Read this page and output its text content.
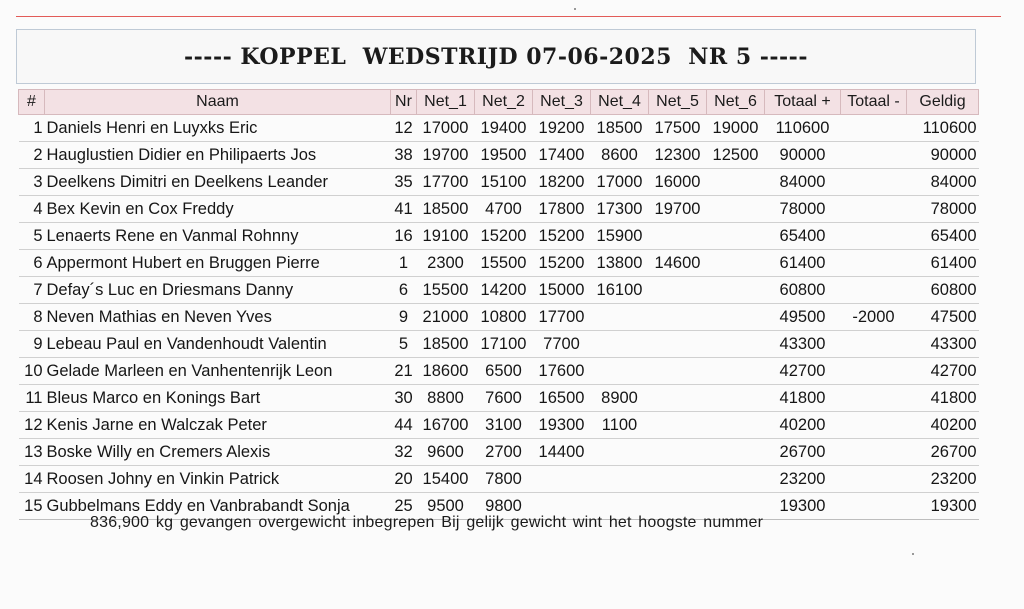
----- KOPPEL  WEDSTRIJD 07-06-2025  NR 5 -----
#	Naam	Nr	Net_1	Net_2	Net_3	Net_4	Net_5	Net_6	Totaal +	Totaal -	Geldig
1	Daniels Henri en Luyxks Eric	12	17000	19400	19200	18500	17500	19000	110600		110600
2	Hauglustien Didier en Philipaerts Jos	38	19700	19500	17400	8600	12300	12500	90000		90000
3	Deelkens Dimitri en Deelkens Leander	35	17700	15100	18200	17000	16000		84000		84000
4	Bex Kevin en Cox Freddy	41	18500	4700	17800	17300	19700		78000		78000
5	Lenaerts Rene en Vanmal Rohnny	16	19100	15200	15200	15900			65400		65400
6	Appermont Hubert en Bruggen Pierre	1	2300	15500	15200	13800	14600		61400		61400
7	Defay´s Luc en Driesmans Danny	6	15500	14200	15000	16100			60800		60800
8	Neven Mathias en Neven Yves	9	21000	10800	17700				49500	-2000	47500
9	Lebeau Paul en Vandenhoudt Valentin	5	18500	17100	7700				43300		43300
10	Gelade Marleen en Vanhentenrijk Leon	21	18600	6500	17600				42700		42700
11	Bleus Marco en Konings Bart	30	8800	7600	16500	8900			41800		41800
12	Kenis Jarne en Walczak Peter	44	16700	3100	19300	1100			40200		40200
13	Boske Willy en Cremers Alexis	32	9600	2700	14400				26700		26700
14	Roosen Johny en Vinkin Patrick	20	15400	7800					23200		23200
15	Gubbelmans Eddy en Vanbrabandt Sonja	25	9500	9800					19300		19300
836,900 kg gevangen overgewicht inbegrepen Bij gelijk gewicht wint het hoogste nummer
